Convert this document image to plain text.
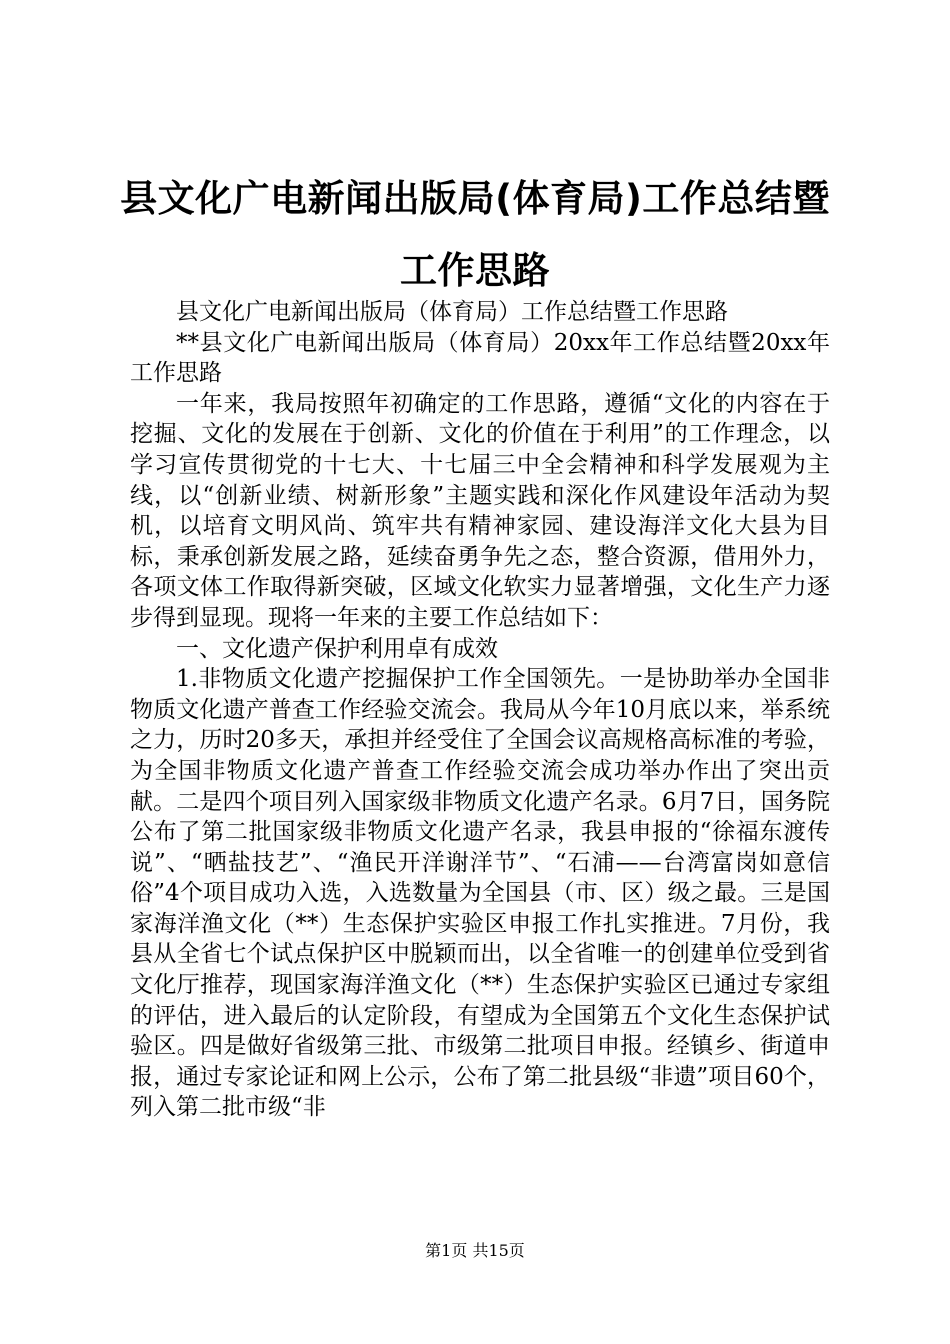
县文化广电新闻出版局(体育局)工作总结暨工作思路

县文化广电新闻出版局（体育局）工作总结暨工作思路

**县文化广电新闻出版局（体育局）20xx年工作总结暨20xx年工作思路

一年来，我局按照年初确定的工作思路，遵循“文化的内容在于挖掘、文化的发展在于创新、文化的价值在于利用”的工作理念，以学习宣传贯彻党的十七大、十七届三中全会精神和科学发展观为主线，以“创新业绩、树新形象”主题实践和深化作风建设年活动为契机，以培育文明风尚、筑牢共有精神家园、建设海洋文化大县为目标，秉承创新发展之路，延续奋勇争先之态，整合资源，借用外力，各项文体工作取得新突破，区域文化软实力显著增强，文化生产力逐步得到显现。现将一年来的主要工作总结如下：

一、文化遗产保护利用卓有成效

1.非物质文化遗产挖掘保护工作全国领先。一是协助举办全国非物质文化遗产普查工作经验交流会。我局从今年10月底以来，举系统之力，历时20多天，承担并经受住了全国会议高规格高标准的考验，为全国非物质文化遗产普查工作经验交流会成功举办作出了突出贡献。二是四个项目列入国家级非物质文化遗产名录。6月7日，国务院公布了第二批国家级非物质文化遗产名录，我县申报的“徐福东渡传说”、“晒盐技艺”、“渔民开洋谢洋节”、“石浦——台湾富岗如意信俗”4个项目成功入选，入选数量为全国县（市、区）级之最。三是国家海洋渔文化（**）生态保护实验区申报工作扎实推进。7月份，我县从全省七个试点保护区中脱颖而出，以全省唯一的创建单位受到省文化厅推荐，现国家海洋渔文化（**）生态保护实验区已通过专家组的评估，进入最后的认定阶段，有望成为全国第五个文化生态保护试验区。四是做好省级第三批、市级第二批项目申报。经镇乡、街道申报，通过专家论证和网上公示，公布了第二批县级“非遗”项目60个，列入第二批市级“非

第1页 共15页
